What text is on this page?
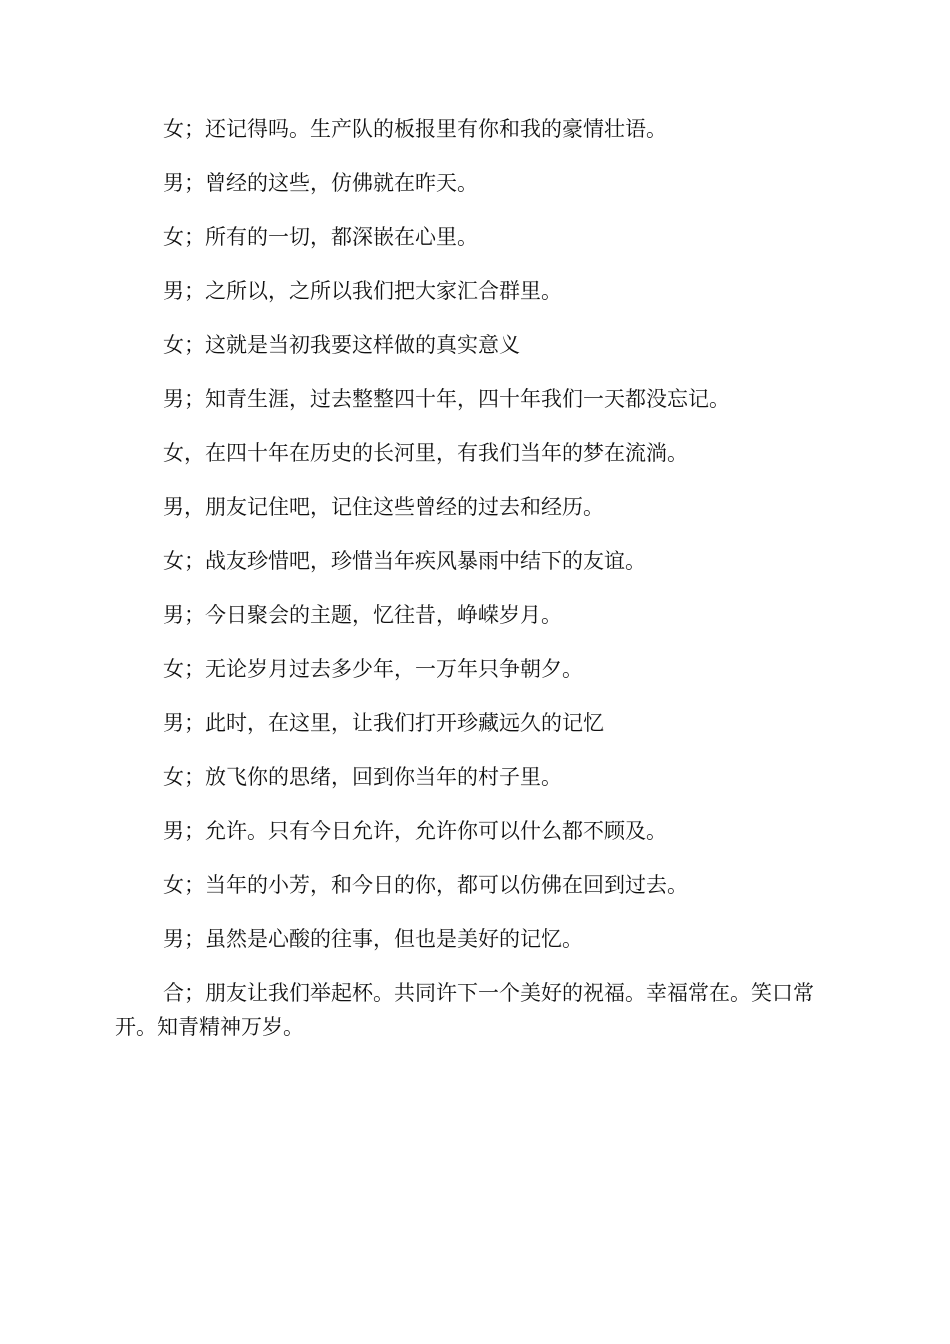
女；还记得吗。生产队的板报里有你和我的豪情壮语。

男；曾经的这些，仿佛就在昨天。

女；所有的一切，都深嵌在心里。

男；之所以，之所以我们把大家汇合群里。

女；这就是当初我要这样做的真实意义

男；知青生涯，过去整整四十年，四十年我们一天都没忘记。

女，在四十年在历史的长河里，有我们当年的梦在流淌。

男，朋友记住吧，记住这些曾经的过去和经历。

女；战友珍惜吧，珍惜当年疾风暴雨中结下的友谊。

男；今日聚会的主题，忆往昔，峥嵘岁月。

女；无论岁月过去多少年，一万年只争朝夕。

男；此时，在这里，让我们打开珍藏远久的记忆

女；放飞你的思绪，回到你当年的村子里。

男；允许。只有今日允许，允许你可以什么都不顾及。

女；当年的小芳，和今日的你，都可以仿佛在回到过去。

男；虽然是心酸的往事，但也是美好的记忆。

合；朋友让我们举起杯。共同许下一个美好的祝福。幸福常在。笑口常开。知青精神万岁。
